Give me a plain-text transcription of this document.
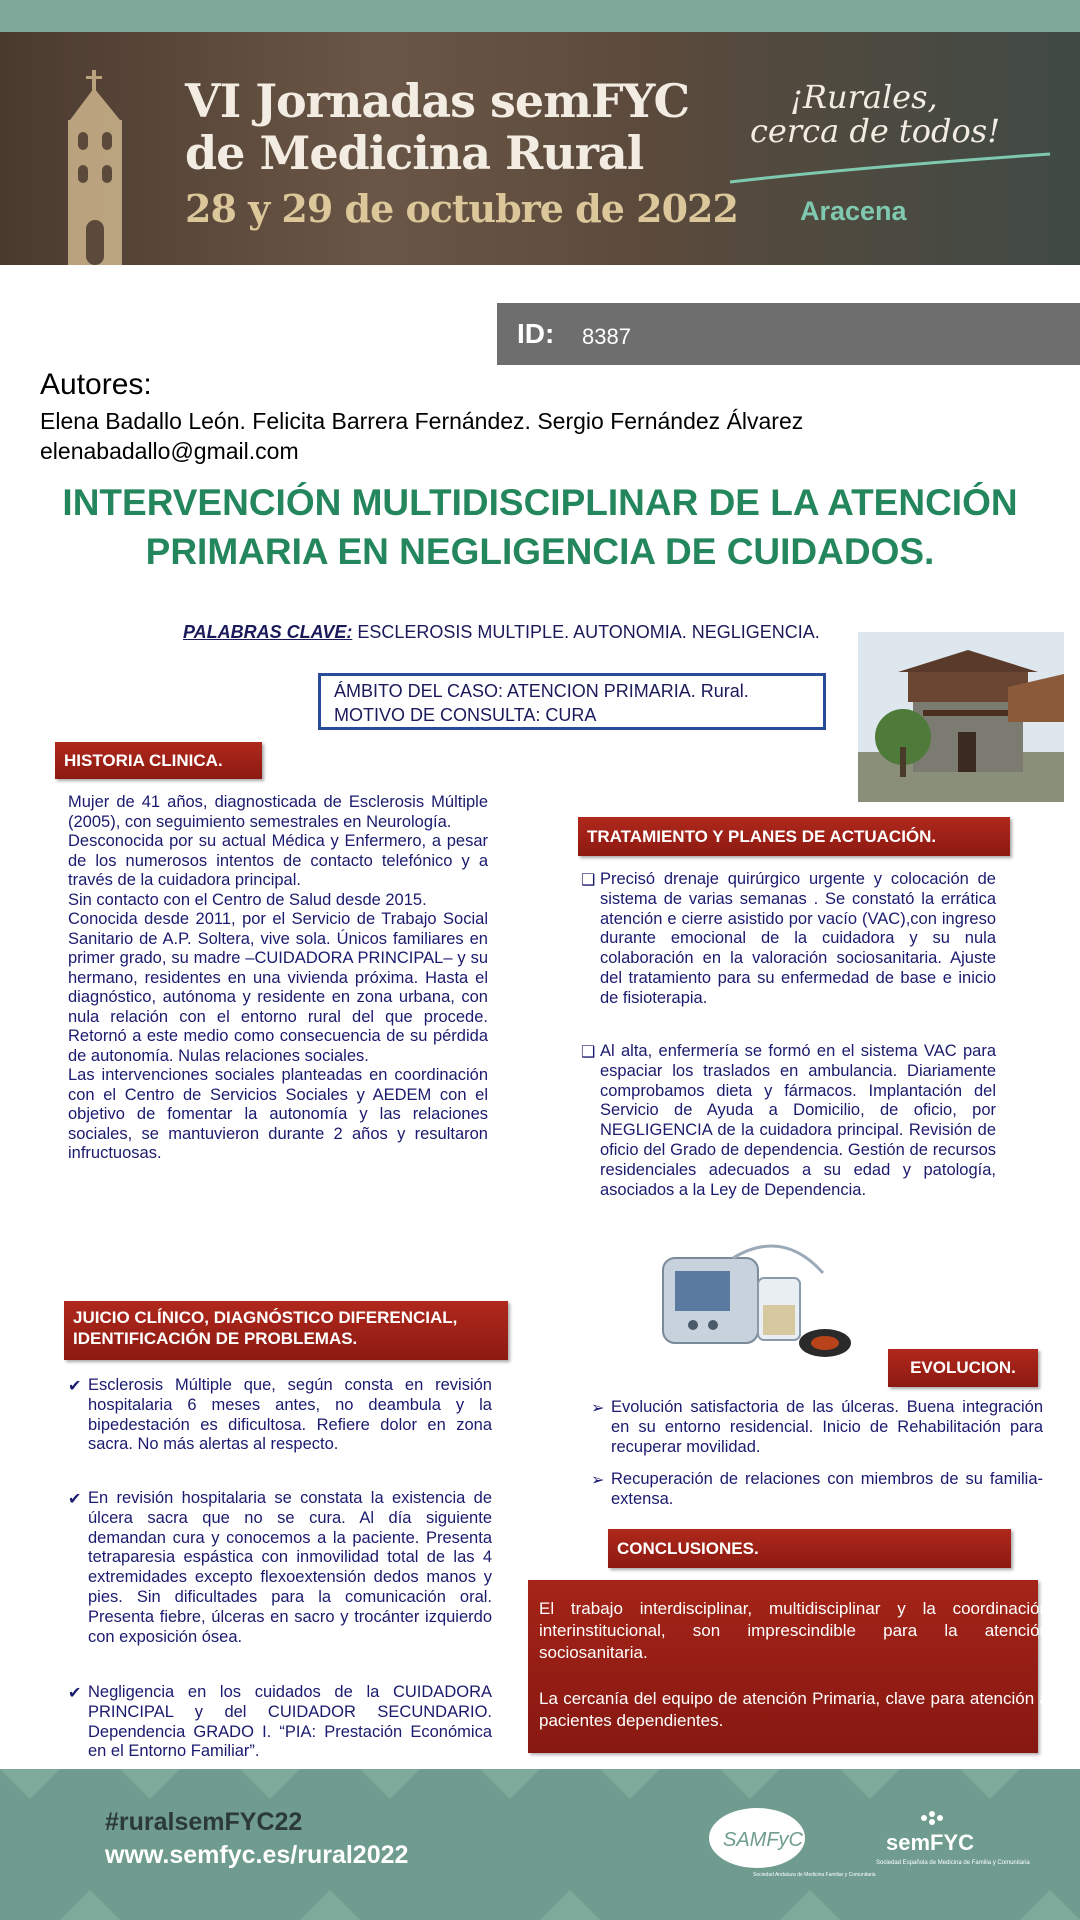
VI Jornadas semFYC
de Medicina Rural
28 y 29 de octubre de 2022
¡Rurales,
cerca de todos!
Aracena
ID: 8387
Autores:
Elena Badallo León. Felicita Barrera Fernández. Sergio Fernández Álvarez
elenabadallo@gmail.com
INTERVENCIÓN MULTIDISCIPLINAR DE LA ATENCIÓN PRIMARIA EN NEGLIGENCIA DE CUIDADOS.
PALABRAS CLAVE: ESCLEROSIS MULTIPLE. AUTONOMIA. NEGLIGENCIA.
ÁMBITO DEL CASO: ATENCION PRIMARIA. Rural.
MOTIVO DE CONSULTA: CURA
HISTORIA CLINICA.

Mujer de 41 años, diagnosticada de Esclerosis Múltiple (2005), con seguimiento semestrales en Neurología.

Desconocida por su actual Médica y Enfermero, a pesar de los numerosos intentos de contacto telefónico y a través de la cuidadora principal.

Sin contacto con el Centro de Salud desde 2015.

Conocida desde 2011, por el Servicio de Trabajo Social Sanitario de A.P. Soltera, vive sola. Únicos familiares en primer grado, su madre –CUIDADORA PRINCIPAL– y su hermano, residentes en una vivienda próxima. Hasta el diagnóstico, autónoma y residente en zona urbana, con nula relación con el entorno rural del que procede. Retornó a este medio como consecuencia de su pérdida de autonomía. Nulas relaciones sociales.

Las intervenciones sociales planteadas en coordinación con el Centro de Servicios Sociales y AEDEM con el objetivo de fomentar la autonomía y las relaciones sociales, se mantuvieron durante 2 años y resultaron infructuosas.

JUICIO CLÍNICO, DIAGNÓSTICO DIFERENCIAL, IDENTIFICACIÓN DE PROBLEMAS.
✔ Esclerosis Múltiple que, según consta en revisión hospitalaria 6 meses antes, no deambula y la bipedestación es dificultosa. Refiere dolor en zona sacra. No más alertas al respecto.
✔ En revisión hospitalaria se constata la existencia de úlcera sacra que no se cura. Al día siguiente demandan cura y conocemos a la paciente. Presenta tetraparesia espástica con inmovilidad total de las 4 extremidades excepto flexoextensión dedos manos y pies. Sin dificultades para la comunicación oral. Presenta fiebre, úlceras en sacro y trocánter izquierdo con exposición ósea.
✔ Negligencia en los cuidados de la CUIDADORA PRINCIPAL y del CUIDADOR SECUNDARIO. Dependencia GRADO I. “PIA: Prestación Económica en el Entorno Familiar”.
TRATAMIENTO Y PLANES DE ACTUACIÓN.
❑ Precisó drenaje quirúrgico urgente y colocación de sistema de varias semanas . Se constató la errática atención e cierre asistido por vacío (VAC),con ingreso durante emocional de la cuidadora y su nula colaboración en la valoración sociosanitaria. Ajuste del tratamiento para su enfermedad de base e inicio de fisioterapia.
❑ Al alta, enfermería se formó en el sistema VAC para espaciar los traslados en ambulancia. Diariamente comprobamos dieta y fármacos. Implantación del Servicio de Ayuda a Domicilio, de oficio, por NEGLIGENCIA de la cuidadora principal. Revisión de oficio del Grado de dependencia. Gestión de recursos residenciales adecuados a su edad y patología, asociados a la Ley de Dependencia.
EVOLUCION.
➢ Evolución satisfactoria de las úlceras. Buena integración en su entorno residencial. Inicio de Rehabilitación para recuperar movilidad.
➢ Recuperación de relaciones con miembros de su familia-extensa.
CONCLUSIONES.
El trabajo interdisciplinar, multidisciplinar y la coordinación interinstitucional, son imprescindible para la atención sociosanitaria.
La cercanía del equipo de atención Primaria, clave para atención a pacientes dependientes.
#ruralsemFYC22
www.semfyc.es/rural2022
SAMFyC
Sociedad Andaluza de Medicina Familiar y Comunitaria
semFYC
Sociedad Española de Medicina de Familia y Comunitaria
